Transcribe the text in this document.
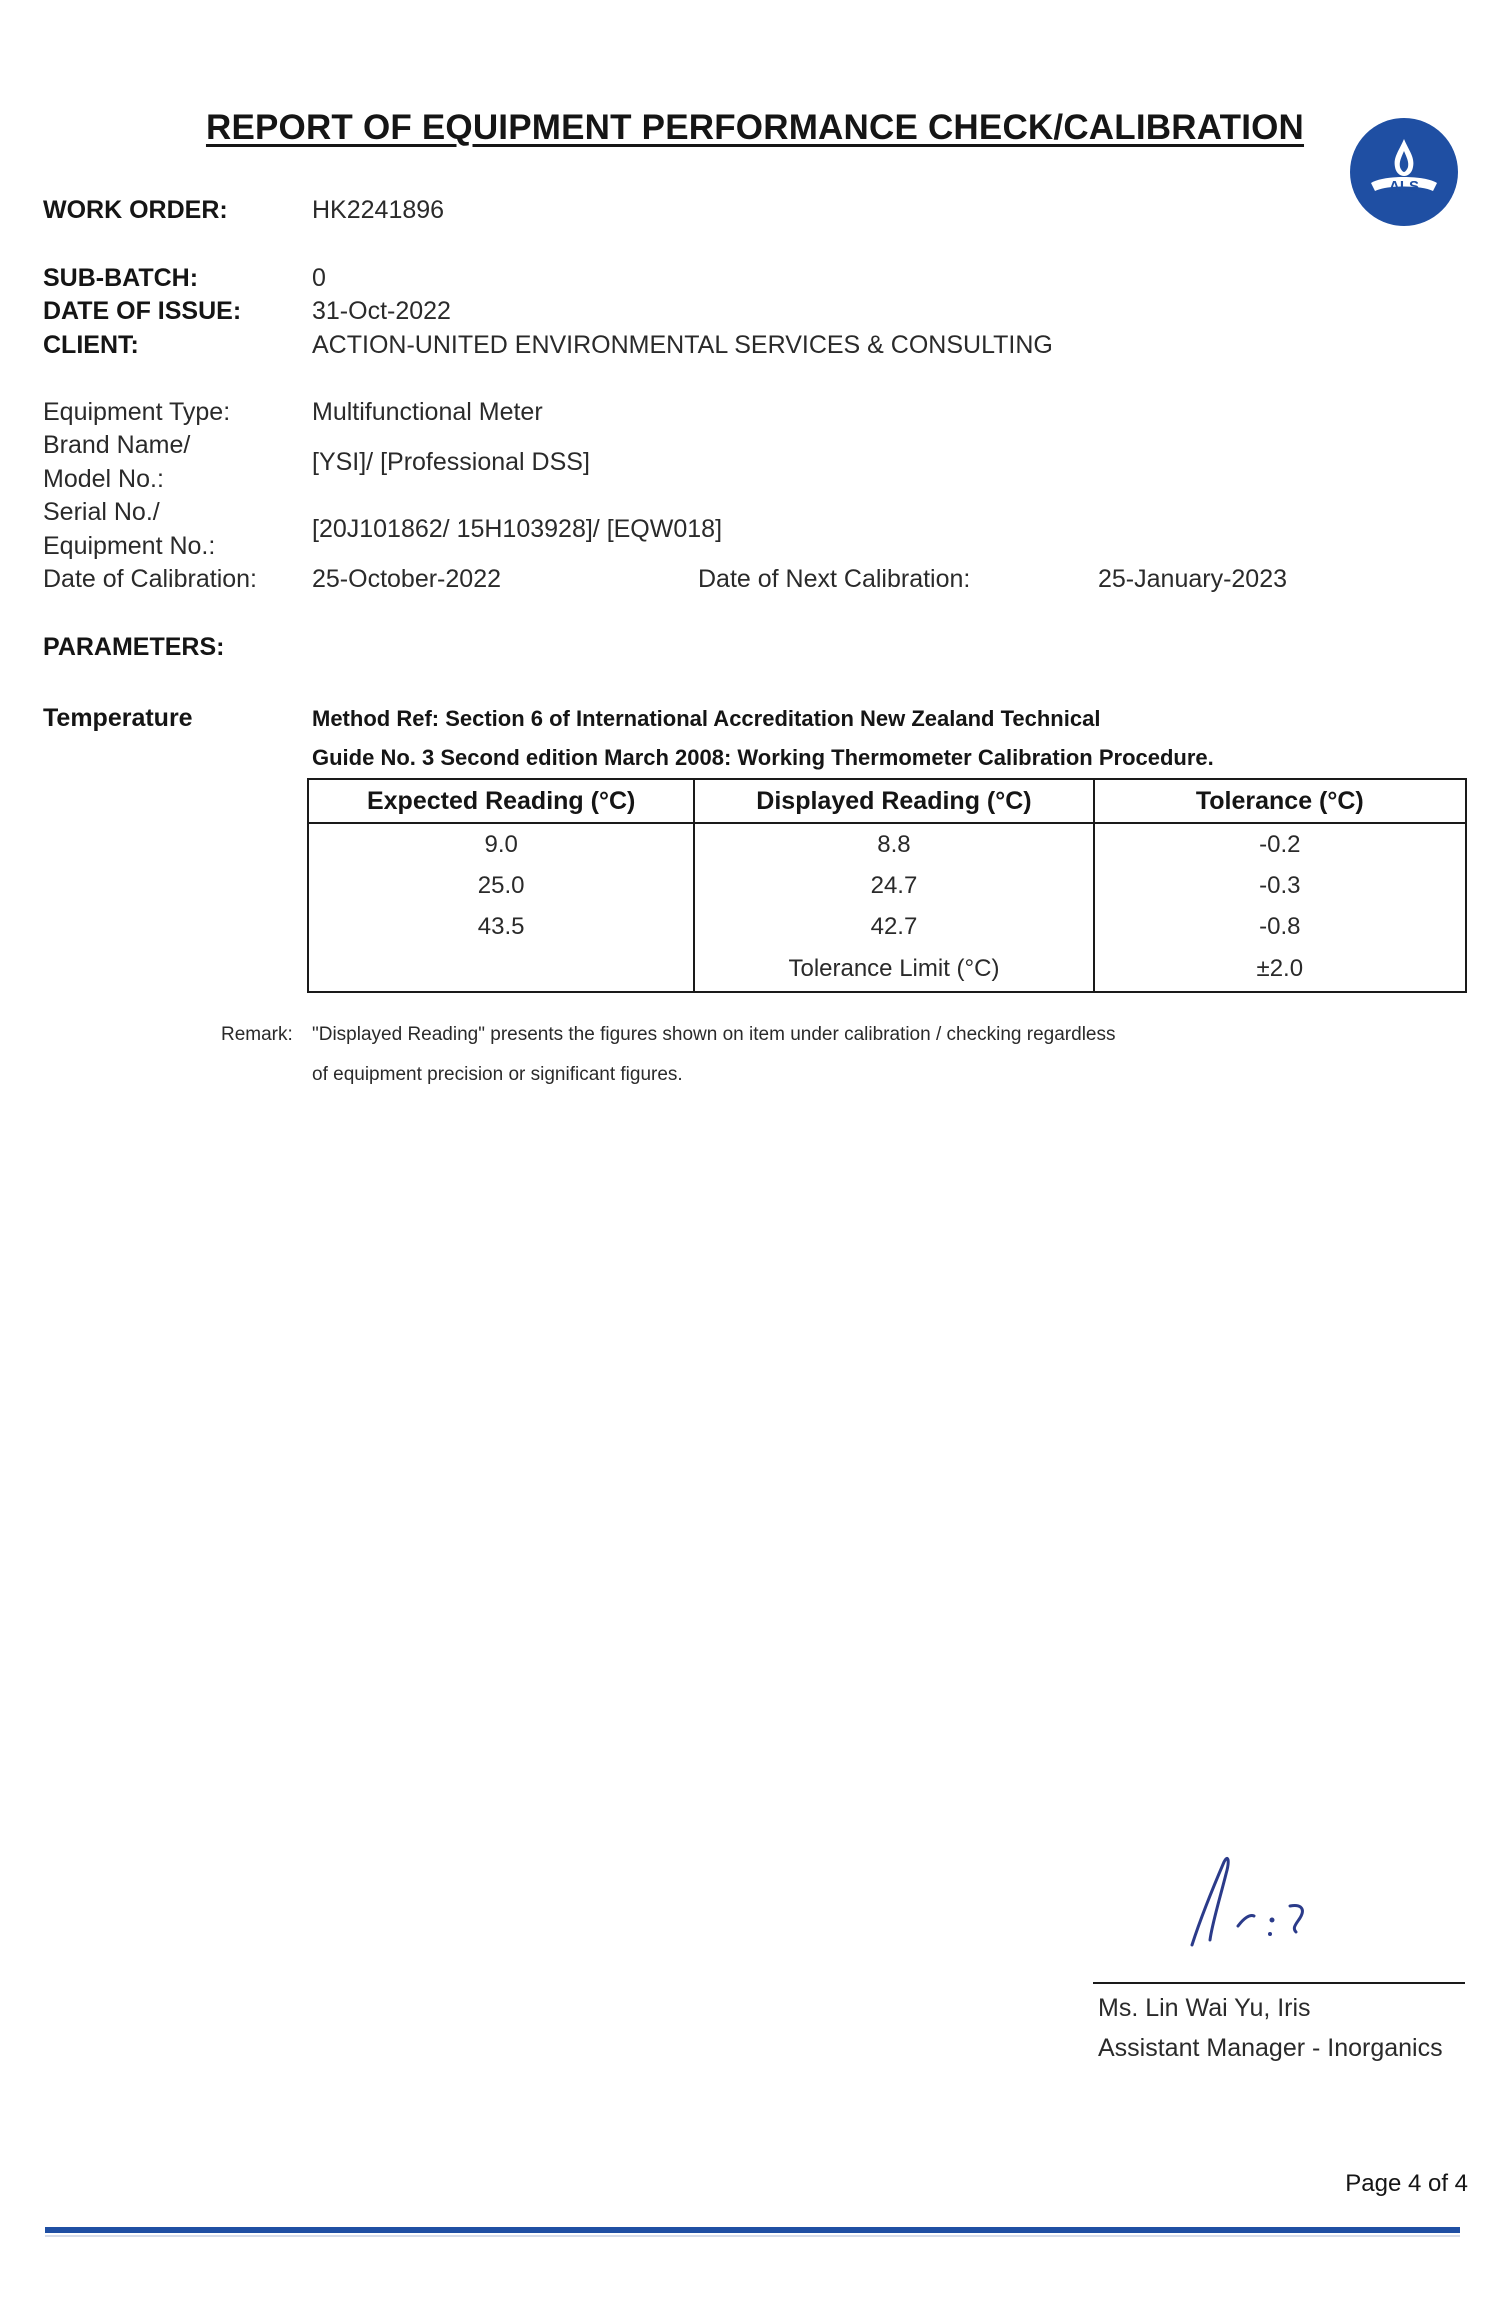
REPORT OF EQUIPMENT PERFORMANCE CHECK/CALIBRATION
ALS
WORK ORDER:	HK2241896
SUB-BATCH:	0
DATE OF ISSUE:	31-Oct-2022
CLIENT:	ACTION-UNITED ENVIRONMENTAL SERVICES & CONSULTING
Equipment Type:	Multifunctional Meter
Brand Name/
Model No.:
[YSI]/ [Professional DSS]
Serial No./
Equipment No.:
[20J101862/ 15H103928]/ [EQW018]
Date of Calibration: 25-October-2022	Date of Next Calibration:	25-January-2023
PARAMETERS:
Temperature	Method Ref: Section 6 of International Accreditation New Zealand Technical
Guide No. 3 Second edition March 2008: Working Thermometer Calibration Procedure.
Expected Reading (°C)	Displayed Reading (°C)	Tolerance (°C)
9.0	8.8	-0.2
25.0	24.7	-0.3
43.5	42.7	-0.8
	Tolerance Limit (°C)	±2.0
Remark: "Displayed Reading" presents the figures shown on item under calibration / checking regardless
of equipment precision or significant figures.
Ms. Lin Wai Yu, Iris
Assistant Manager - Inorganics
Page 4 of 4
